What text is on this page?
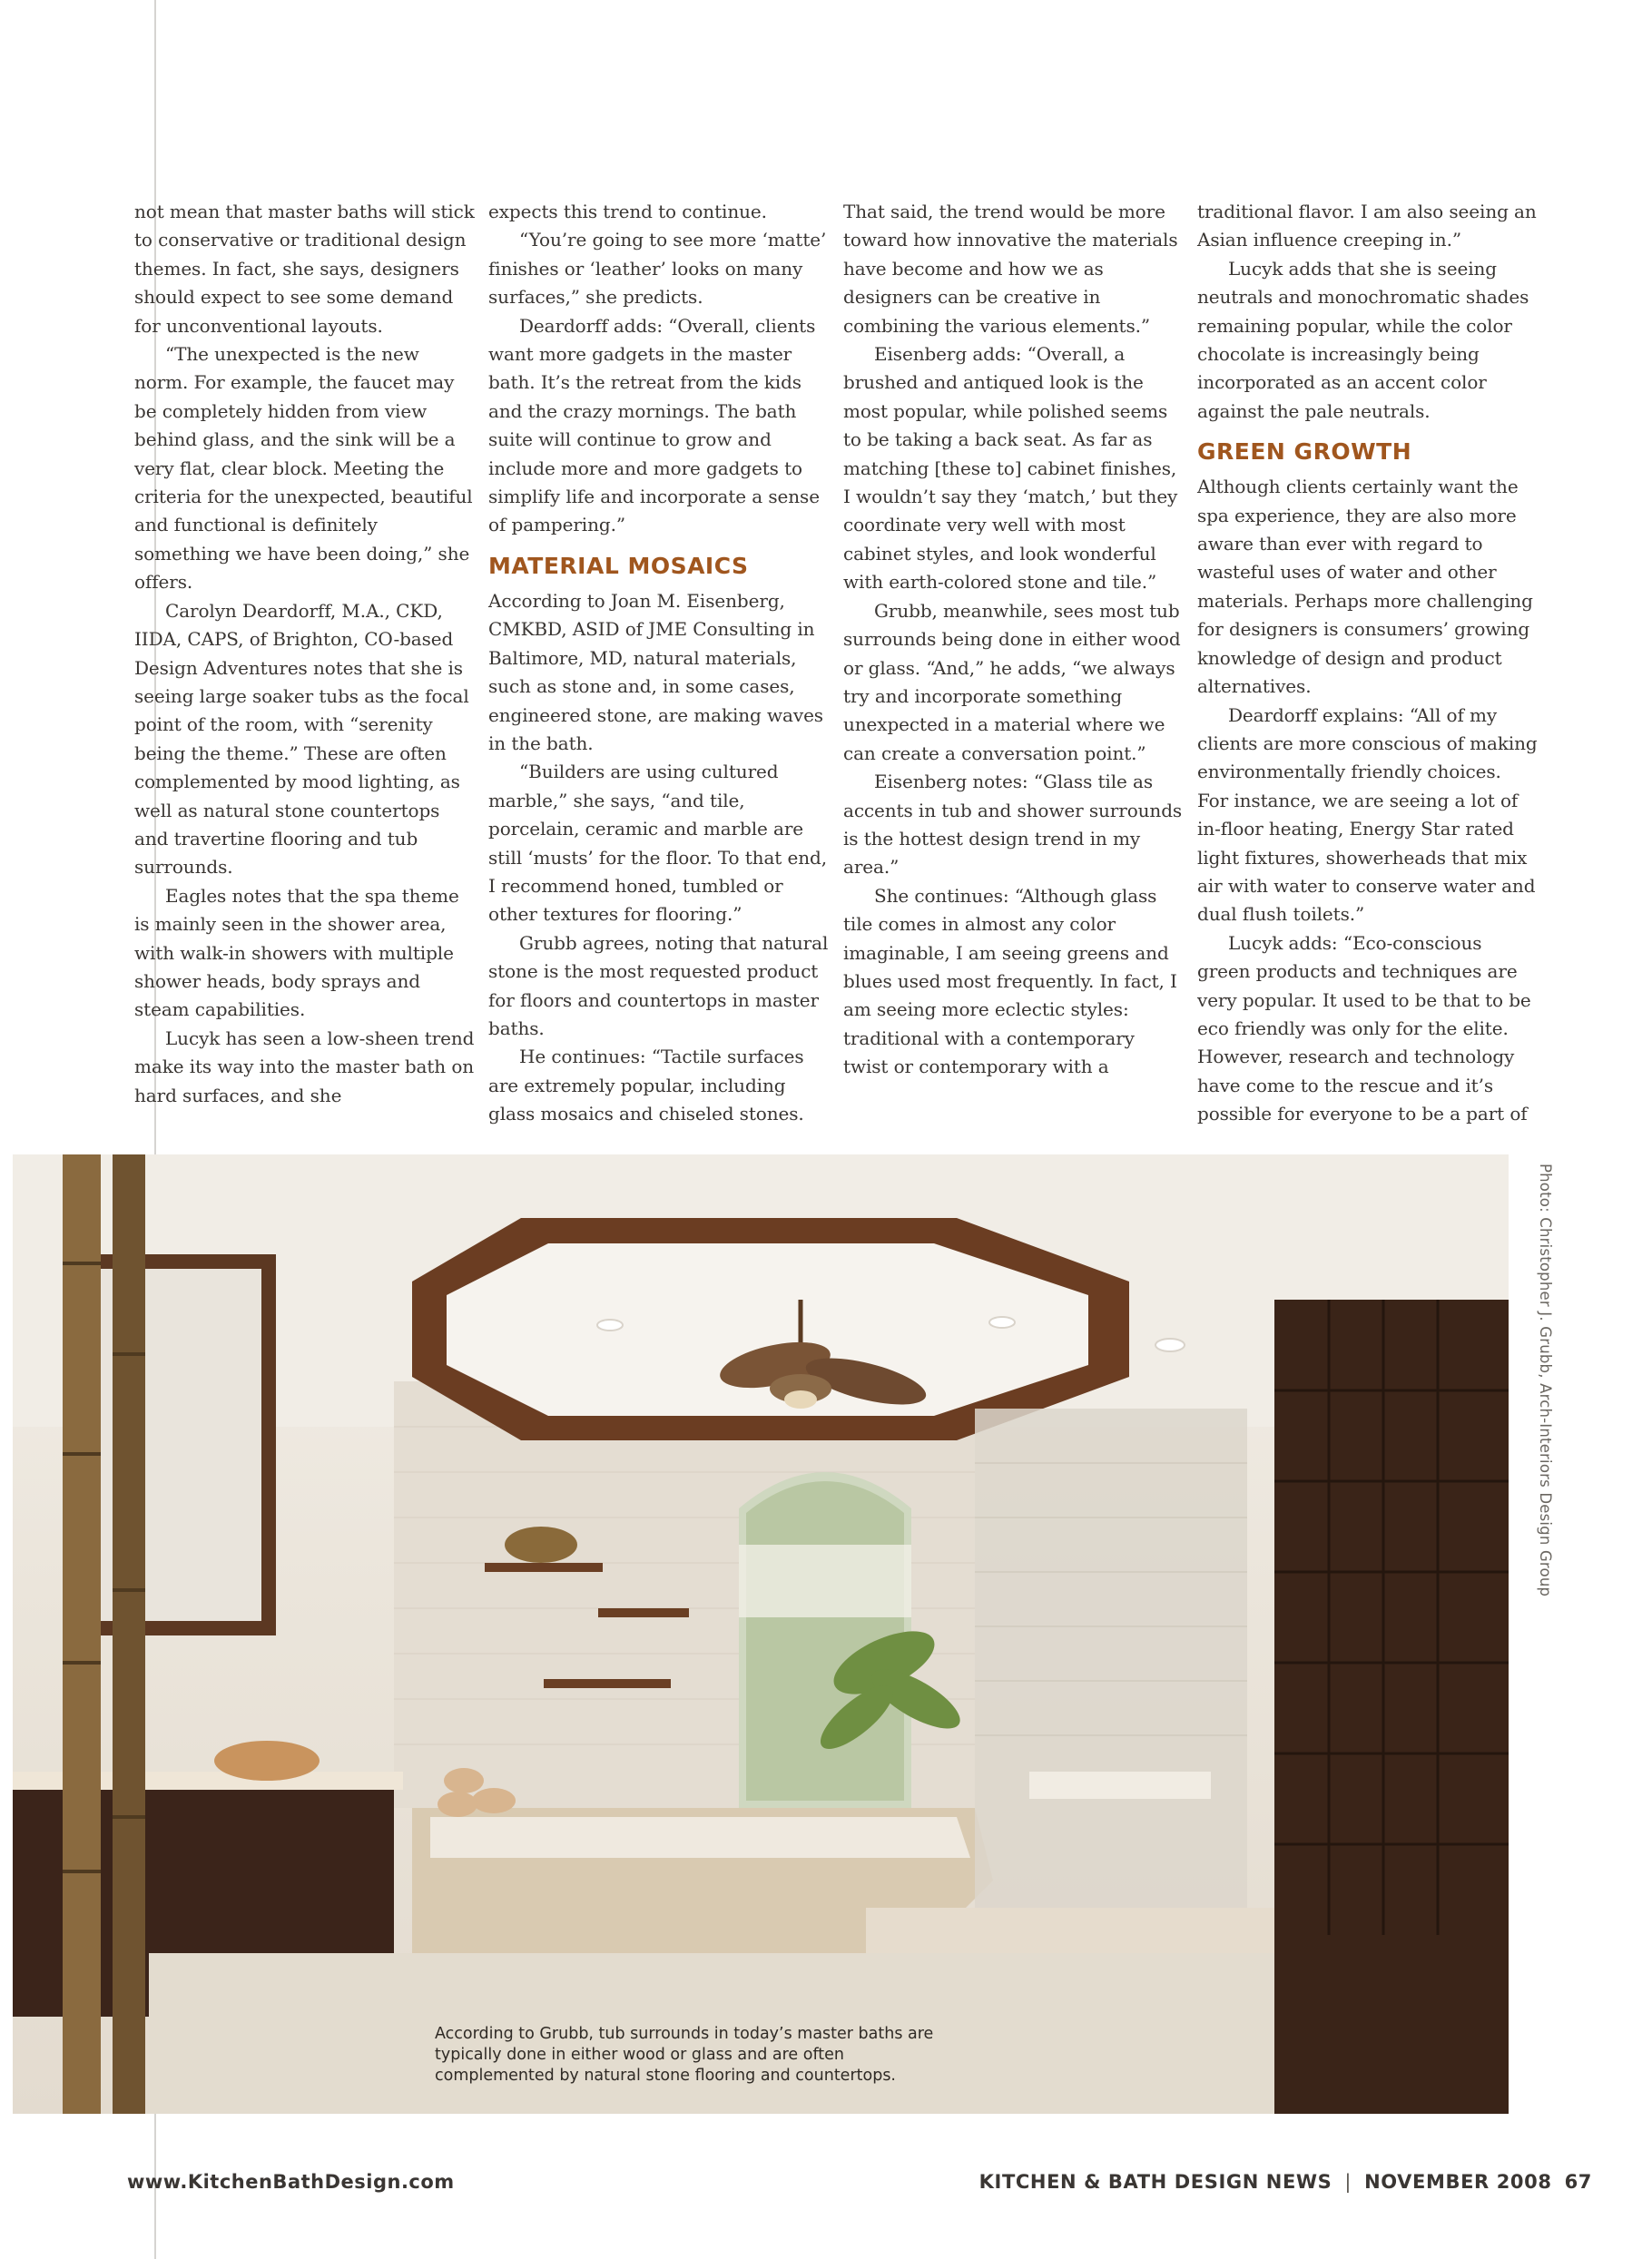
not mean that master baths will stick to conservative or traditional design themes. In fact, she says, designers should expect to see some demand for unconventional layouts.

“The unexpected is the new norm. For example, the faucet may be completely hidden from view behind glass, and the sink will be a very flat, clear block. Meeting the criteria for the unexpected, beautiful and functional is definitely something we have been doing,” she offers.

Carolyn Deardorff, M.A., CKD, IIDA, CAPS, of Brighton, CO-based Design Adventures notes that she is seeing large soaker tubs as the focal point of the room, with “serenity being the theme.” These are often complemented by mood lighting, as well as natural stone countertops and travertine flooring and tub surrounds.

Eagles notes that the spa theme is mainly seen in the shower area, with walk-in showers with multiple shower heads, body sprays and steam capabilities.

Lucyk has seen a low-sheen trend make its way into the master bath on hard surfaces, and she

expects this trend to continue.

“You’re going to see more ‘matte’ finishes or ‘leather’ looks on many surfaces,” she predicts.

Deardorff adds: “Overall, clients want more gadgets in the master bath. It’s the retreat from the kids and the crazy mornings. The bath suite will continue to grow and include more and more gadgets to simplify life and incorporate a sense of pampering.”

MATERIAL MOSAICS

According to Joan M. Eisenberg, CMKBD, ASID of JME Consulting in Baltimore, MD, natural materials, such as stone and, in some cases, engineered stone, are making waves in the bath.

“Builders are using cultured marble,” she says, “and tile, porcelain, ceramic and marble are still ‘musts’ for the floor. To that end, I recommend honed, tumbled or other textures for flooring.”

Grubb agrees, noting that natural stone is the most requested product for floors and countertops in master baths.

He continues: “Tactile surfaces are extremely popular, including glass mosaics and chiseled stones.

That said, the trend would be more toward how innovative the materials have become and how we as designers can be creative in combining the various elements.”

Eisenberg adds: “Overall, a brushed and antiqued look is the most popular, while polished seems to be taking a back seat. As far as matching [these to] cabinet finishes, I wouldn’t say they ‘match,’ but they coordinate very well with most cabinet styles, and look wonderful with earth-colored stone and tile.”

Grubb, meanwhile, sees most tub surrounds being done in either wood or glass. “And,” he adds, “we always try and incorporate something unexpected in a material where we can create a conversation point.”

Eisenberg notes: “Glass tile as accents in tub and shower surrounds is the hottest design trend in my area.”

She continues: “Although glass tile comes in almost any color imaginable, I am seeing greens and blues used most frequently. In fact, I am seeing more eclectic styles: traditional with a contemporary twist or contemporary with a

traditional flavor. I am also seeing an Asian influence creeping in.”

Lucyk adds that she is seeing neutrals and monochromatic shades remaining popular, while the color chocolate is increasingly being incorporated as an accent color against the pale neutrals.

GREEN GROWTH

Although clients certainly want the spa experience, they are also more aware than ever with regard to wasteful uses of water and other materials. Perhaps more challenging for designers is consumers’ growing knowledge of design and product alternatives.

Deardorff explains: “All of my clients are more conscious of making environmentally friendly choices. For instance, we are seeing a lot of in-floor heating, Energy Star rated light fixtures, showerheads that mix air with water to conserve water and dual flush toilets.”

Lucyk adds: “Eco-conscious green products and techniques are very popular. It used to be that to be eco friendly was only for the elite. However, research and technology have come to the rescue and it’s possible for everyone to be a part of

According to Grubb, tub surrounds in today’s master baths are typically done in either wood or glass and are often complemented by natural stone flooring and countertops.
Photo: Christopher J. Grubb, Arch-Interiors Design Group
www.KitchenBathDesign.com	KITCHEN & BATH DESIGN NEWS | NOVEMBER 2008 67
